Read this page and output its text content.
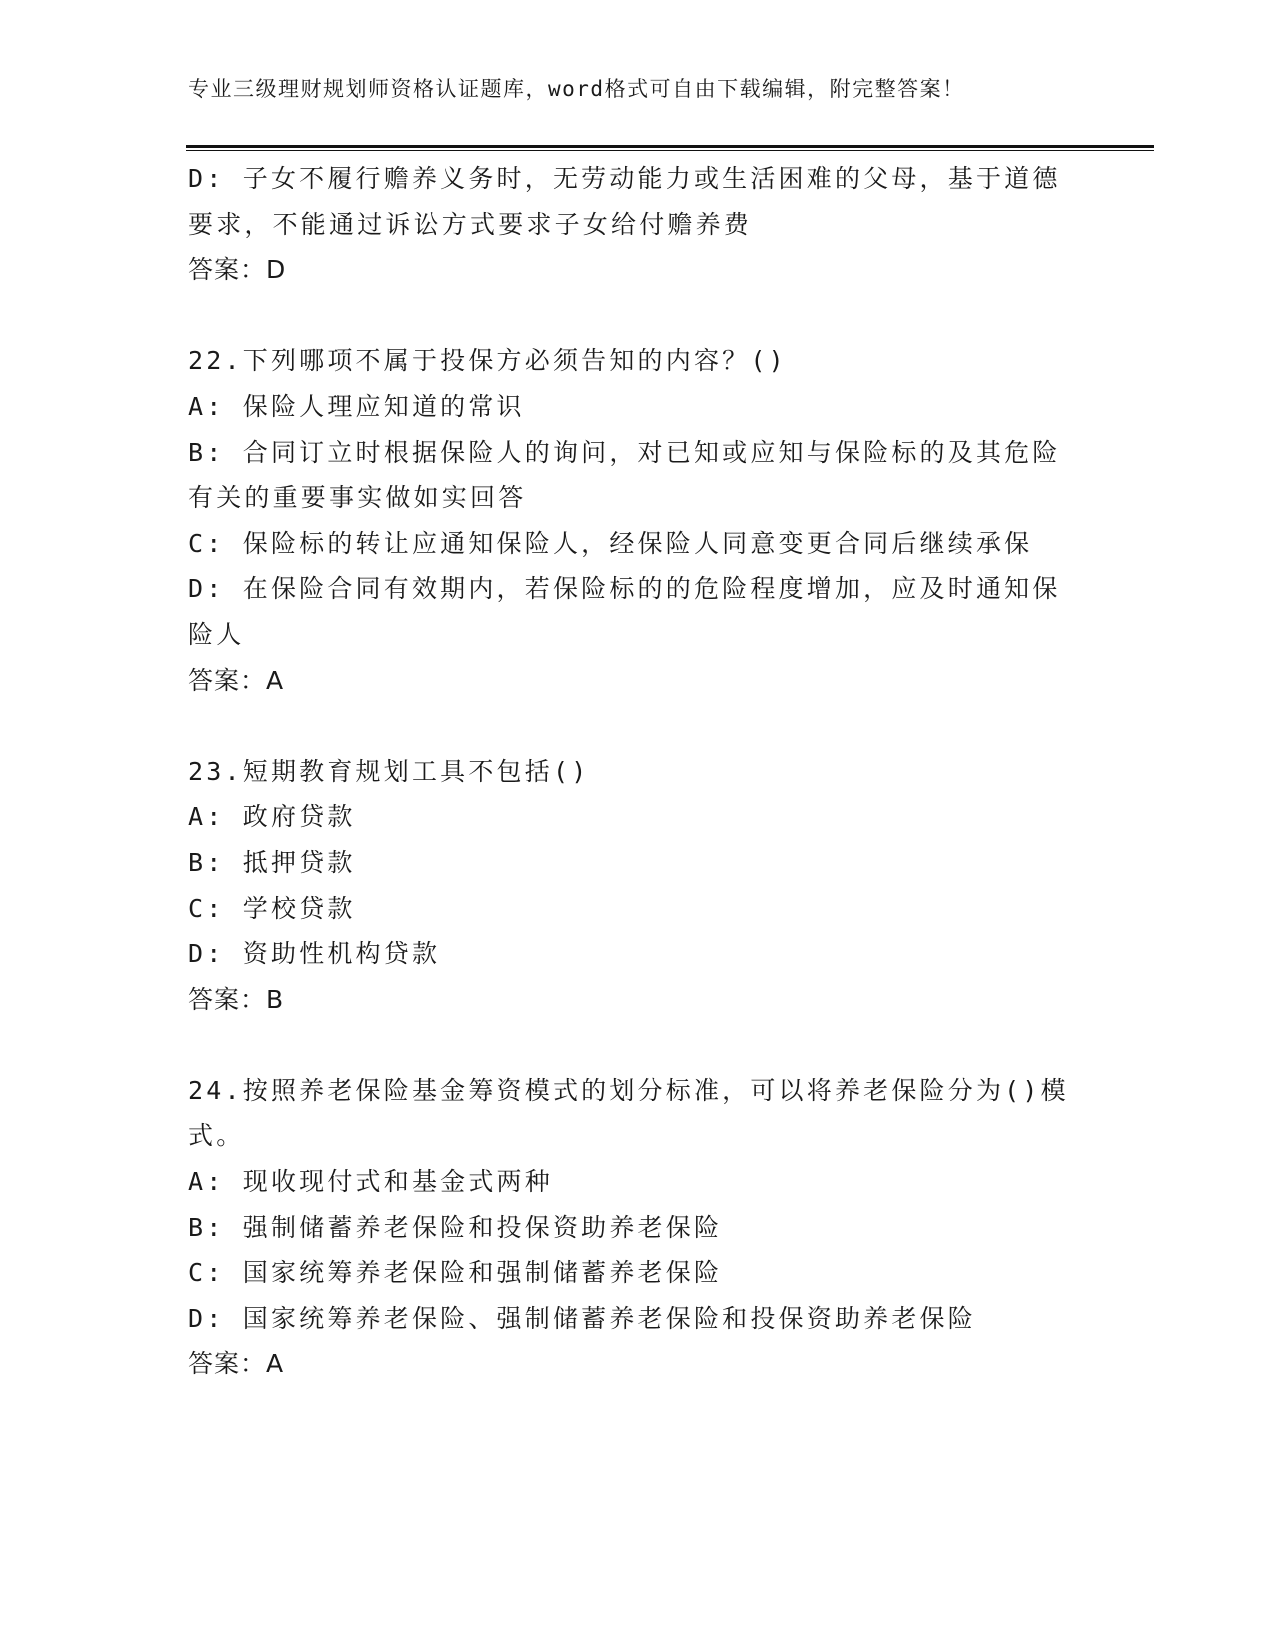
专业三级理财规划师资格认证题库，word格式可自由下载编辑，附完整答案！
D: 子女不履行赡养义务时，无劳动能力或生活困难的父母，基于道德
要求，不能通过诉讼方式要求子女给付赡养费
答案：D
22.下列哪项不属于投保方必须告知的内容？()
A: 保险人理应知道的常识
B: 合同订立时根据保险人的询问，对已知或应知与保险标的及其危险
有关的重要事实做如实回答
C: 保险标的转让应通知保险人，经保险人同意变更合同后继续承保
D: 在保险合同有效期内，若保险标的的危险程度增加，应及时通知保
险人
答案：A
23.短期教育规划工具不包括()
A: 政府贷款
B: 抵押贷款
C: 学校贷款
D: 资助性机构贷款
答案：B
24.按照养老保险基金筹资模式的划分标准，可以将养老保险分为()模
式。
A: 现收现付式和基金式两种
B: 强制储蓄养老保险和投保资助养老保险
C: 国家统筹养老保险和强制储蓄养老保险
D: 国家统筹养老保险、强制储蓄养老保险和投保资助养老保险
答案：A
